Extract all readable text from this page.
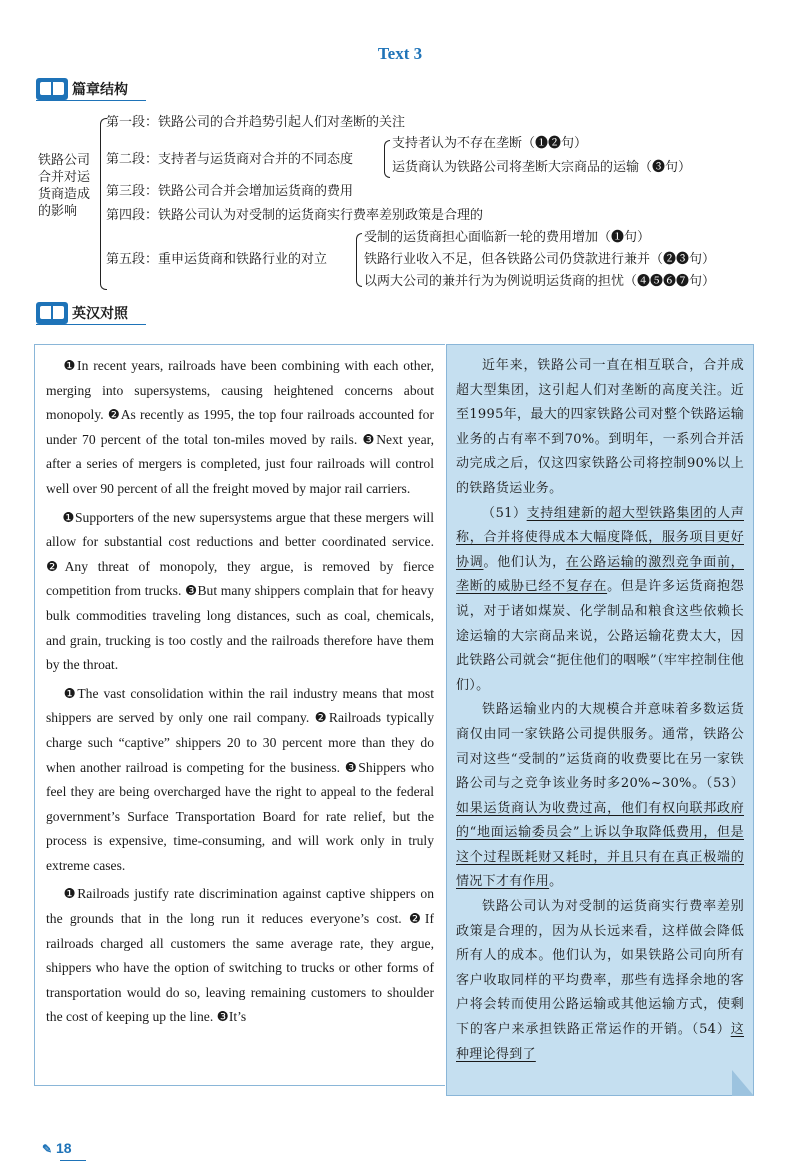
Text 3
篇章结构
铁路公司合并对运货商造成的影响
第一段：铁路公司的合并趋势引起人们对垄断的关注
第二段：支持者与运货商对合并的不同态度
支持者认为不存在垄断（❶❷句）
运货商认为铁路公司将垄断大宗商品的运输（❸句）
第三段：铁路公司合并会增加运货商的费用
第四段：铁路公司认为对受制的运货商实行费率差别政策是合理的
第五段：重申运货商和铁路行业的对立
受制的运货商担心面临新一轮的费用增加（❶句）
铁路行业收入不足，但各铁路公司仍贷款进行兼并（❷❸句）
以两大公司的兼并行为为例说明运货商的担忧（❹❺❻❼句）
英汉对照

❶In recent years, railroads have been combining with each other, merging into supersystems, causing heightened concerns about monopoly. ❷As recently as 1995, the top four railroads accounted for under 70 percent of the total ton-miles moved by rails. ❸Next year, after a series of mergers is completed, just four railroads will control well over 90 percent of all the freight moved by major rail carriers.

❶Supporters of the new supersystems argue that these mergers will allow for substantial cost reductions and better coordinated service. ❷Any threat of monopoly, they argue, is removed by fierce competition from trucks. ❸But many shippers complain that for heavy bulk commodities traveling long distances, such as coal, chemicals, and grain, trucking is too costly and the railroads therefore have them by the throat.

❶The vast consolidation within the rail industry means that most shippers are served by only one rail company. ❷Railroads typically charge such “captive” shippers 20 to 30 percent more than they do when another railroad is competing for the business. ❸Shippers who feel they are being overcharged have the right to appeal to the federal government’s Surface Transportation Board for rate relief, but the process is expensive, time-consuming, and will work only in truly extreme cases.

❶Railroads justify rate discrimination against captive shippers on the grounds that in the long run it reduces everyone’s cost. ❷If railroads charged all customers the same average rate, they argue, shippers who have the option of switching to trucks or other forms of transportation would do so, leaving remaining customers to shoulder the cost of keeping up the line. ❸It’s

近年来，铁路公司一直在相互联合，合并成超大型集团，这引起人们对垄断的高度关注。近至1995年，最大的四家铁路公司对整个铁路运输业务的占有率不到70%。到明年，一系列合并活动完成之后，仅这四家铁路公司将控制90%以上的铁路货运业务。

（51）支持组建新的超大型铁路集团的人声称，合并将使得成本大幅度降低，服务项目更好协调。他们认为，在公路运输的激烈竞争面前，垄断的威胁已经不复存在。但是许多运货商抱怨说，对于诸如煤炭、化学制品和粮食这些依赖长途运输的大宗商品来说，公路运输花费太大，因此铁路公司就会“扼住他们的咽喉”（牢牢控制住他们）。

铁路运输业内的大规模合并意味着多数运货商仅由同一家铁路公司提供服务。通常，铁路公司对这些“受制的”运货商的收费要比在另一家铁路公司与之竞争该业务时多20%~30%。（53）如果运货商认为收费过高，他们有权向联邦政府的“地面运输委员会”上诉以争取降低费用，但是这个过程既耗财又耗时，并且只有在真正极端的情况下才有作用。

铁路公司认为对受制的运货商实行费率差别政策是合理的，因为从长远来看，这样做会降低所有人的成本。他们认为，如果铁路公司向所有客户收取同样的平均费率，那些有选择余地的客户将会转而使用公路运输或其他运输方式，使剩下的客户来承担铁路正常运作的开销。（54）这种理论得到了

✎ 18
